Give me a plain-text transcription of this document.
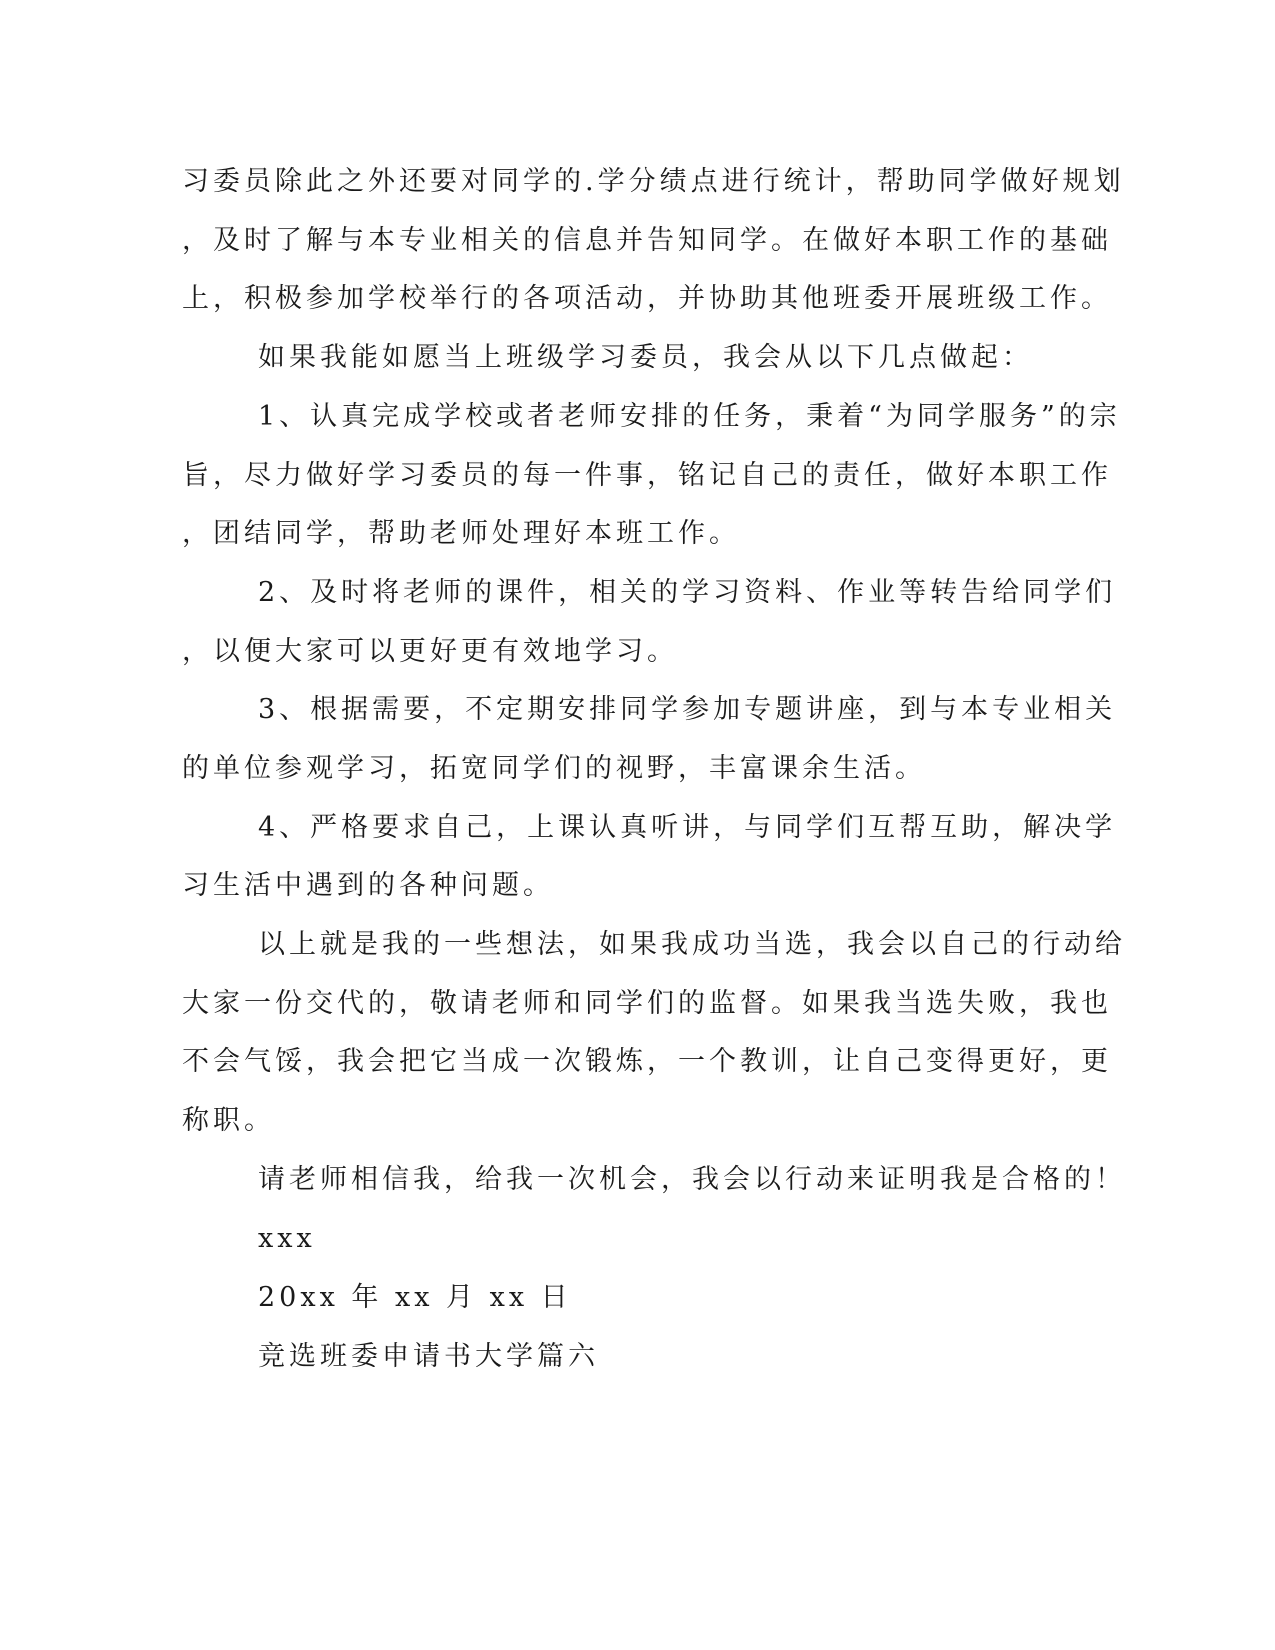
习委员除此之外还要对同学的.学分绩点进行统计，帮助同学做好规划
，及时了解与本专业相关的信息并告知同学。在做好本职工作的基础
上，积极参加学校举行的各项活动，并协助其他班委开展班级工作。
如果我能如愿当上班级学习委员，我会从以下几点做起：
1、认真完成学校或者老师安排的任务，秉着“为同学服务”的宗
旨，尽力做好学习委员的每一件事，铭记自己的责任，做好本职工作
，团结同学，帮助老师处理好本班工作。
2、及时将老师的课件，相关的学习资料、作业等转告给同学们
，以便大家可以更好更有效地学习。
3、根据需要，不定期安排同学参加专题讲座，到与本专业相关
的单位参观学习，拓宽同学们的视野，丰富课余生活。
4、严格要求自己，上课认真听讲，与同学们互帮互助，解决学
习生活中遇到的各种问题。
以上就是我的一些想法，如果我成功当选，我会以自己的行动给
大家一份交代的，敬请老师和同学们的监督。如果我当选失败，我也
不会气馁，我会把它当成一次锻炼，一个教训，让自己变得更好，更
称职。
请老师相信我，给我一次机会，我会以行动来证明我是合格的！
xxx
20xx 年 xx 月 xx 日
竞选班委申请书大学篇六
